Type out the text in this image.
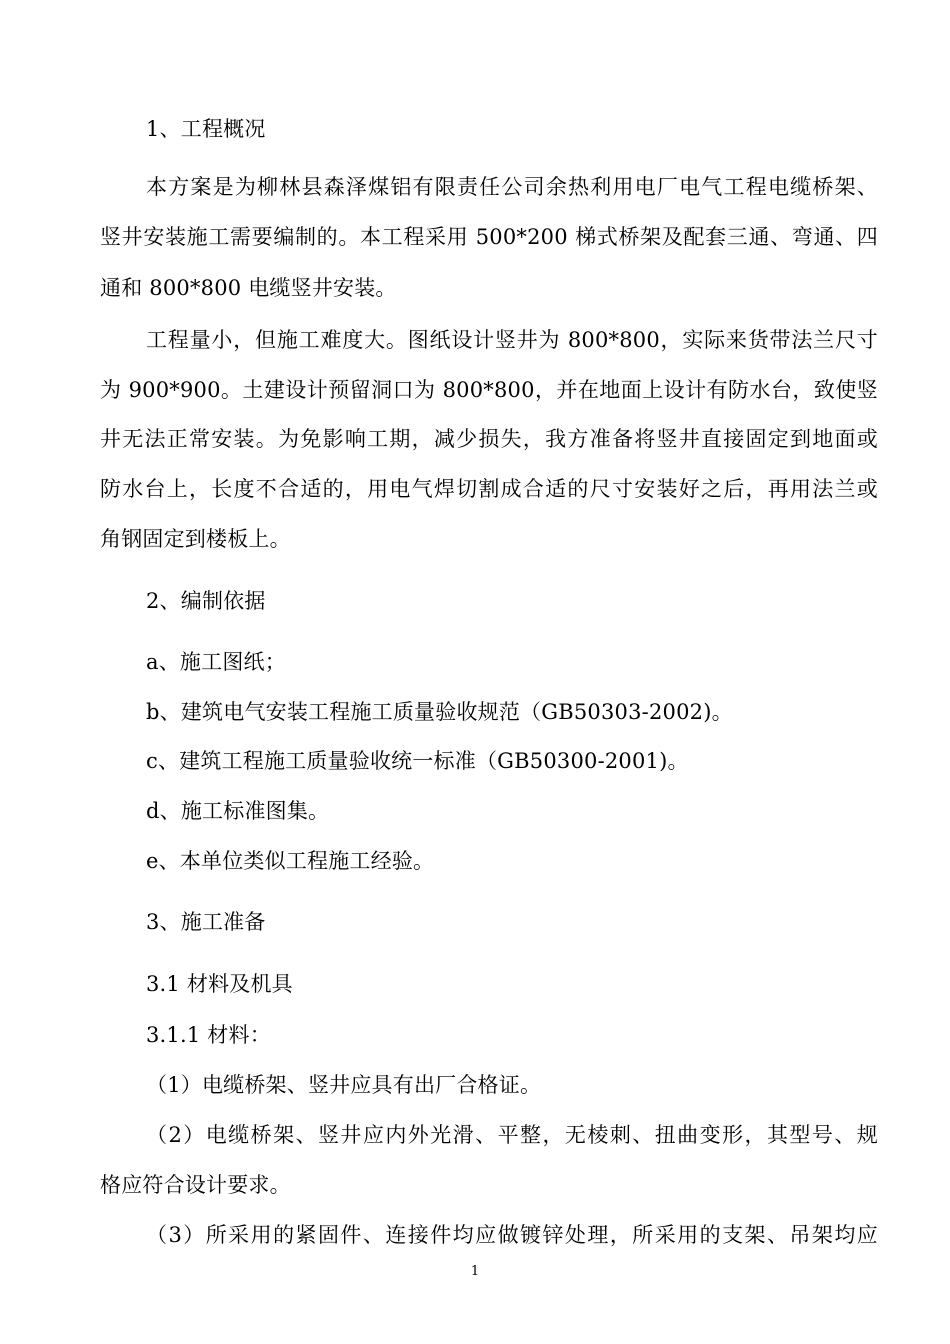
1、工程概况
本方案是为柳林县森泽煤铝有限责任公司余热利用电厂电气工程电缆桥架、
竖井安装施工需要编制的。本工程采用 500*200 梯式桥架及配套三通、弯通、四
通和 800*800 电缆竖井安装。
工程量小，但施工难度大。图纸设计竖井为 800*800，实际来货带法兰尺寸
为 900*900。土建设计预留洞口为 800*800，并在地面上设计有防水台，致使竖
井无法正常安装。为免影响工期，减少损失，我方准备将竖井直接固定到地面或
防水台上，长度不合适的，用电气焊切割成合适的尺寸安装好之后，再用法兰或
角钢固定到楼板上。
2、编制依据
a、施工图纸；
b、建筑电气安装工程施工质量验收规范（GB50303-2002)。
c、建筑工程施工质量验收统一标准（GB50300-2001)。
d、施工标准图集。
e、本单位类似工程施工经验。
3、施工准备
3.1 材料及机具
3.1.1 材料：
（1）电缆桥架、竖井应具有出厂合格证。
（2）电缆桥架、竖井应内外光滑、平整，无棱刺、扭曲变形，其型号、规
格应符合设计要求。
（3）所采用的紧固件、连接件均应做镀锌处理，所采用的支架、吊架均应
1
